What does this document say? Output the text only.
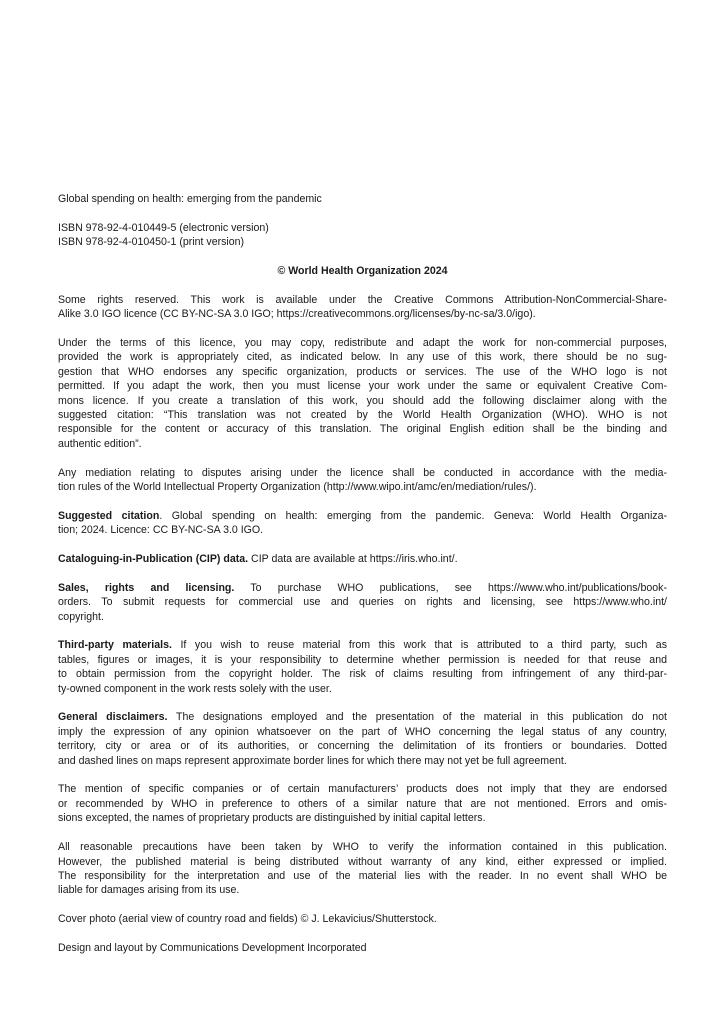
Global spending on health: emerging from the pandemic

ISBN 978-92-4-010449-5 (electronic version)
ISBN 978-92-4-010450-1 (print version)

© World Health Organization 2024

Some rights reserved. This work is available under the Creative Commons Attribution-NonCommercial-Share-
Alike 3.0 IGO licence (CC BY-NC-SA 3.0 IGO; https://creativecommons.org/licenses/by-nc-sa/3.0/igo).

Under the terms of this licence, you may copy, redistribute and adapt the work for non-commercial purposes,
provided the work is appropriately cited, as indicated below. In any use of this work, there should be no sug-
gestion that WHO endorses any specific organization, products or services. The use of the WHO logo is not
permitted. If you adapt the work, then you must license your work under the same or equivalent Creative Com-
mons licence. If you create a translation of this work, you should add the following disclaimer along with the
suggested citation: “This translation was not created by the World Health Organization (WHO). WHO is not
responsible for the content or accuracy of this translation. The original English edition shall be the binding and
authentic edition”.

Any mediation relating to disputes arising under the licence shall be conducted in accordance with the media-
tion rules of the World Intellectual Property Organization (http://www.wipo.int/amc/en/mediation/rules/).

Suggested citation. Global spending on health: emerging from the pandemic. Geneva: World Health Organiza-
tion; 2024. Licence: CC BY-NC-SA 3.0 IGO.

Cataloguing-in-Publication (CIP) data. CIP data are available at https://iris.who.int/.

Sales, rights and licensing. To purchase WHO publications, see https://www.who.int/publications/book-
orders. To submit requests for commercial use and queries on rights and licensing, see https://www.who.int/
copyright.

Third-party materials. If you wish to reuse material from this work that is attributed to a third party, such as
tables, figures or images, it is your responsibility to determine whether permission is needed for that reuse and
to obtain permission from the copyright holder. The risk of claims resulting from infringement of any third-par-
ty-owned component in the work rests solely with the user.

General disclaimers. The designations employed and the presentation of the material in this publication do not
imply the expression of any opinion whatsoever on the part of WHO concerning the legal status of any country,
territory, city or area or of its authorities, or concerning the delimitation of its frontiers or boundaries. Dotted
and dashed lines on maps represent approximate border lines for which there may not yet be full agreement.

The mention of specific companies or of certain manufacturers’ products does not imply that they are endorsed
or recommended by WHO in preference to others of a similar nature that are not mentioned. Errors and omis-
sions excepted, the names of proprietary products are distinguished by initial capital letters.

All reasonable precautions have been taken by WHO to verify the information contained in this publication.
However, the published material is being distributed without warranty of any kind, either expressed or implied.
The responsibility for the interpretation and use of the material lies with the reader. In no event shall WHO be
liable for damages arising from its use.

Cover photo (aerial view of country road and fields) © J. Lekavicius/Shutterstock.

Design and layout by Communications Development Incorporated
